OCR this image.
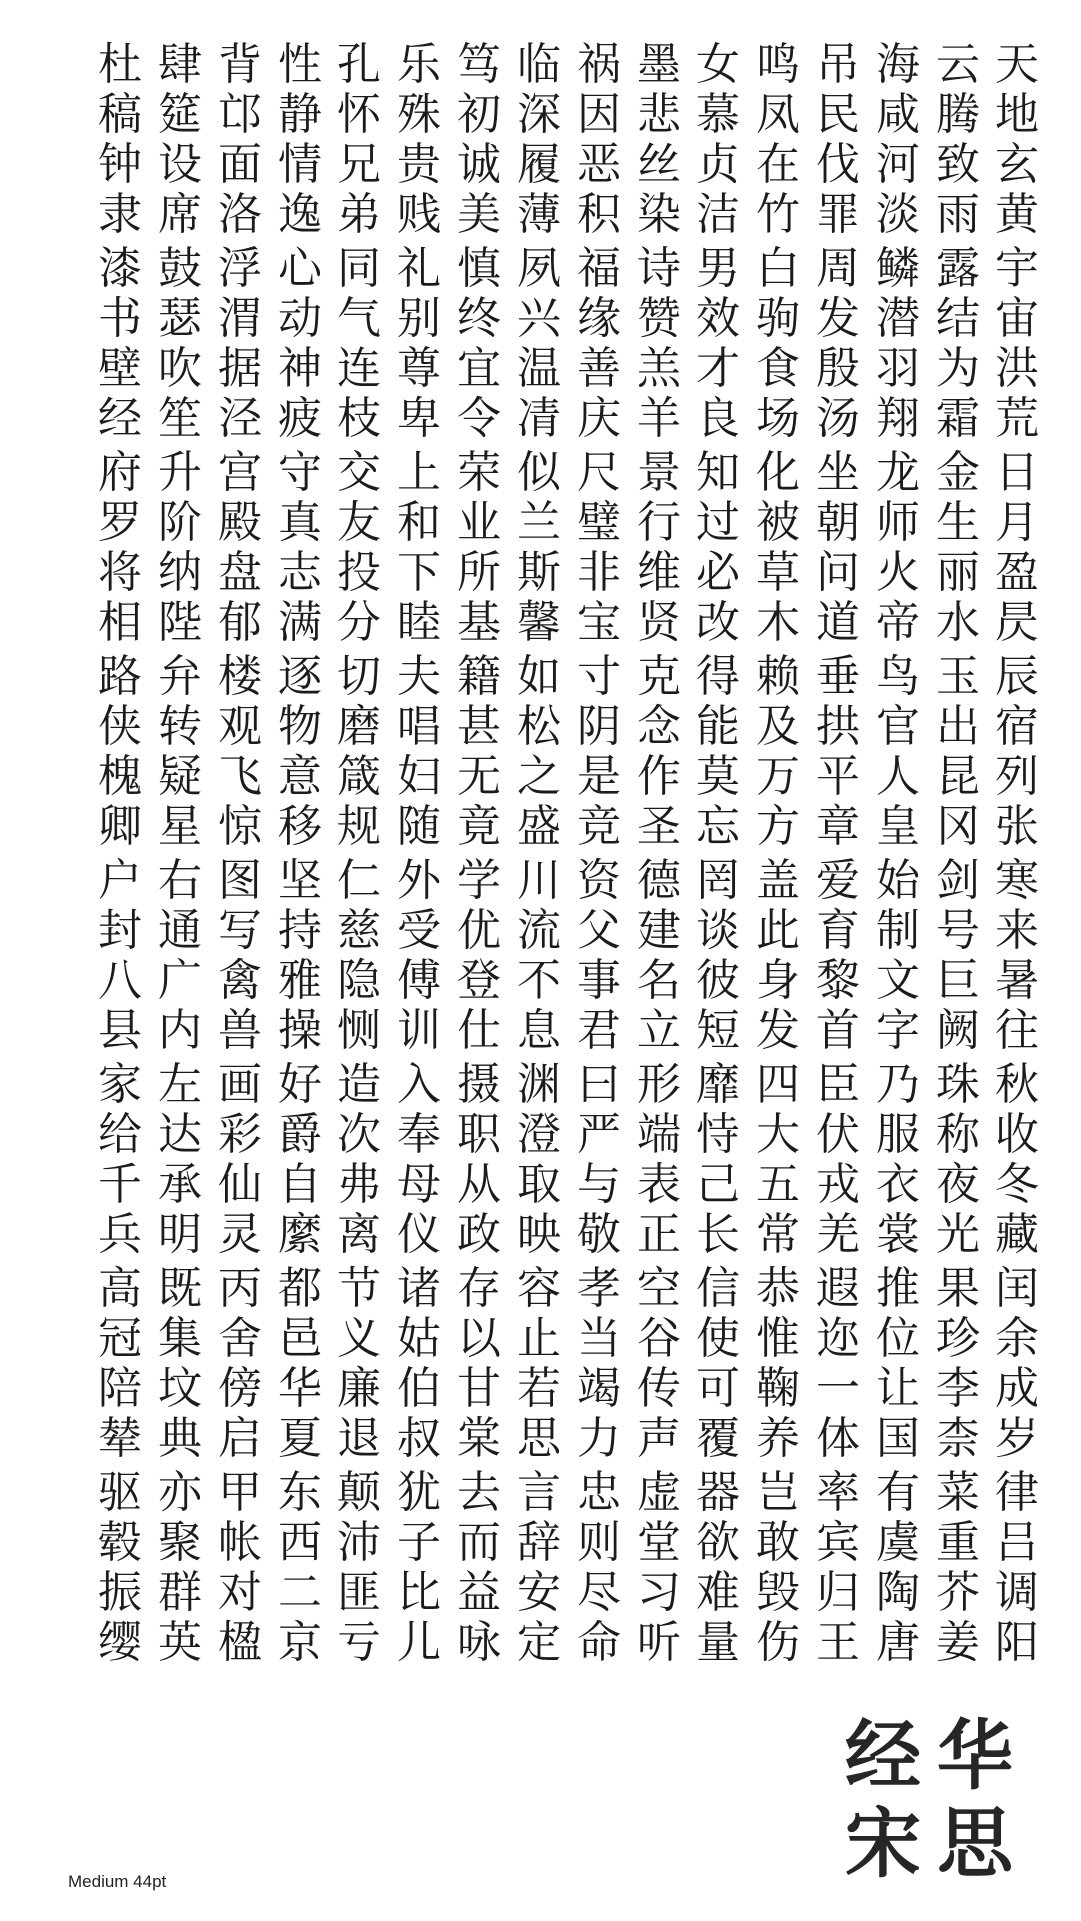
天
地
玄
黄
宇
宙
洪
荒
日
月
盈
昃
辰
宿
列
张
寒
来
暑
往
秋
收
冬
藏
闰
余
成
岁
律
吕
调
阳
云
腾
致
雨
露
结
为
霜
金
生
丽
水
玉
出
昆
冈
剑
号
巨
阙
珠
称
夜
光
果
珍
李
柰
菜
重
芥
姜
海
咸
河
淡
鳞
潜
羽
翔
龙
师
火
帝
鸟
官
人
皇
始
制
文
字
乃
服
衣
裳
推
位
让
国
有
虞
陶
唐
吊
民
伐
罪
周
发
殷
汤
坐
朝
问
道
垂
拱
平
章
爱
育
黎
首
臣
伏
戎
羌
遐
迩
一
体
率
宾
归
王
鸣
凤
在
竹
白
驹
食
场
化
被
草
木
赖
及
万
方
盖
此
身
发
四
大
五
常
恭
惟
鞠
养
岂
敢
毁
伤
女
慕
贞
洁
男
效
才
良
知
过
必
改
得
能
莫
忘
罔
谈
彼
短
靡
恃
己
长
信
使
可
覆
器
欲
难
量
墨
悲
丝
染
诗
赞
羔
羊
景
行
维
贤
克
念
作
圣
德
建
名
立
形
端
表
正
空
谷
传
声
虚
堂
习
听
祸
因
恶
积
福
缘
善
庆
尺
璧
非
宝
寸
阴
是
竞
资
父
事
君
曰
严
与
敬
孝
当
竭
力
忠
则
尽
命
临
深
履
薄
夙
兴
温
凊
似
兰
斯
馨
如
松
之
盛
川
流
不
息
渊
澄
取
映
容
止
若
思
言
辞
安
定
笃
初
诚
美
慎
终
宜
令
荣
业
所
基
籍
甚
无
竟
学
优
登
仕
摄
职
从
政
存
以
甘
棠
去
而
益
咏
乐
殊
贵
贱
礼
别
尊
卑
上
和
下
睦
夫
唱
妇
随
外
受
傅
训
入
奉
母
仪
诸
姑
伯
叔
犹
子
比
儿
孔
怀
兄
弟
同
气
连
枝
交
友
投
分
切
磨
箴
规
仁
慈
隐
恻
造
次
弗
离
节
义
廉
退
颠
沛
匪
亏
性
静
情
逸
心
动
神
疲
守
真
志
满
逐
物
意
移
坚
持
雅
操
好
爵
自
縻
都
邑
华
夏
东
西
二
京
背
邙
面
洛
浮
渭
据
泾
宫
殿
盘
郁
楼
观
飞
惊
图
写
禽
兽
画
彩
仙
灵
丙
舍
傍
启
甲
帐
对
楹
肆
筵
设
席
鼓
瑟
吹
笙
升
阶
纳
陛
弁
转
疑
星
右
通
广
内
左
达
承
明
既
集
坟
典
亦
聚
群
英
杜
稿
钟
隶
漆
书
壁
经
府
罗
将
相
路
侠
槐
卿
户
封
八
县
家
给
千
兵
高
冠
陪
辇
驱
毂
振
缨
华
思
经
宋
Medium 44pt
